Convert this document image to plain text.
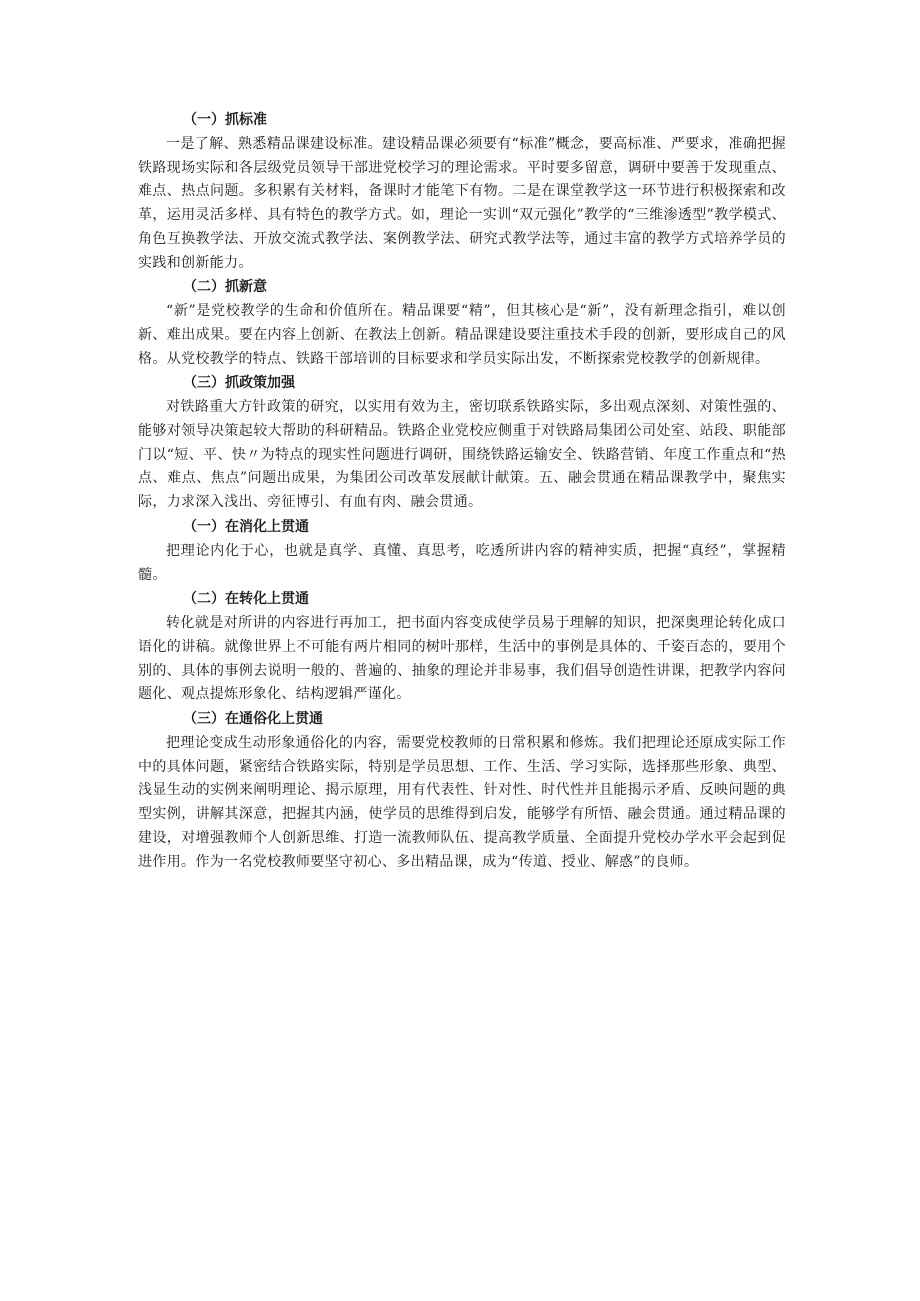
（一）抓标准

一是了解、熟悉精品课建设标准。建设精品课必须要有“标准”概念，要高标准、严要求，准确把握铁路现场实际和各层级党员领导干部进党校学习的理论需求。平时要多留意，调研中要善于发现重点、难点、热点问题。多积累有关材料，备课时才能笔下有物。二是在课堂教学这一环节进行积极探索和改革，运用灵活多样、具有特色的教学方式。如，理论一实训“双元强化”教学的“三维渗透型”教学模式、角色互换教学法、开放交流式教学法、案例教学法、研究式教学法等，通过丰富的教学方式培养学员的实践和创新能力。

（二）抓新意

“新”是党校教学的生命和价值所在。精品课要“精”，但其核心是“新”，没有新理念指引，难以创新、难出成果。要在内容上创新、在教法上创新。精品课建设要注重技术手段的创新，要形成自己的风格。从党校教学的特点、铁路干部培训的目标要求和学员实际出发，不断探索党校教学的创新规律。

（三）抓政策加强

对铁路重大方针政策的研究，以实用有效为主，密切联系铁路实际，多出观点深刻、对策性强的、能够对领导决策起较大帮助的科研精品。铁路企业党校应侧重于对铁路局集团公司处室、站段、职能部门以“短、平、快〃为特点的现实性问题进行调研，围绕铁路运输安全、铁路营销、年度工作重点和“热点、难点、焦点”问题出成果，为集团公司改革发展献计献策。五、融会贯通在精品课教学中，聚焦实际，力求深入浅出、旁征博引、有血有肉、融会贯通。

（一）在消化上贯通

把理论内化于心，也就是真学、真懂、真思考，吃透所讲内容的精神实质，把握“真经”，掌握精髓。

（二）在转化上贯通

转化就是对所讲的内容进行再加工，把书面内容变成使学员易于理解的知识，把深奥理论转化成口语化的讲稿。就像世界上不可能有两片相同的树叶那样，生活中的事例是具体的、千姿百态的，要用个别的、具体的事例去说明一般的、普遍的、抽象的理论并非易事，我们倡导创造性讲课，把教学内容问题化、观点提炼形象化、结构逻辑严谨化。

（三）在通俗化上贯通

把理论变成生动形象通俗化的内容，需要党校教师的日常积累和修炼。我们把理论还原成实际工作中的具体问题，紧密结合铁路实际，特别是学员思想、工作、生活、学习实际，选择那些形象、典型、浅显生动的实例来阐明理论、揭示原理，用有代表性、针对性、时代性并且能揭示矛盾、反映问题的典型实例，讲解其深意，把握其内涵，使学员的思维得到启发，能够学有所悟、融会贯通。通过精品课的建设，对增强教师个人创新思维、打造一流教师队伍、提高教学质量、全面提升党校办学水平会起到促进作用。作为一名党校教师要坚守初心、多出精品课，成为“传道、授业、解惑”的良师。
